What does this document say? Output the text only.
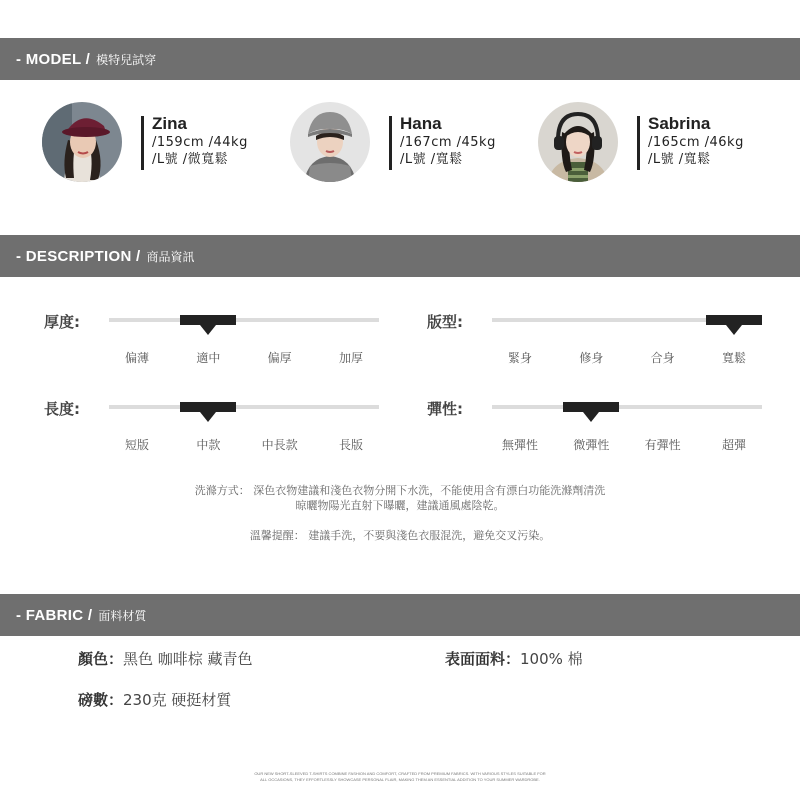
- MODEL / 模特兒試穿
- DESCRIPTION / 商品資訊
- FABRIC / 面料材質
Zina
/159cm /44kg
/L號 /微寬鬆
Hana
/167cm /45kg
/L號 /寬鬆
Sabrina
/165cm /46kg
/L號 /寬鬆
厚度:
偏薄	適中	偏厚	加厚
版型:
緊身	修身	合身	寬鬆
長度:
短版	中款	中長款	長版
彈性:
無彈性	微彈性	有彈性	超彈
洗滌方式： 深色衣物建議和淺色衣物分開下水洗，不能使用含有漂白功能洗滌劑清洗
晾曬物陽光直射下曝曬，建議通風處陰乾。
溫馨提醒： 建議手洗，不要與淺色衣服混洗，避免交叉污染。
顏色：黑色 咖啡棕 藏青色	表面面料：100% 棉
磅數：230克 硬挺材質
OUR NEW SHORT-SLEEVED T-SHIRTS COMBINE FASHION AND COMFORT, CRAFTED FROM PREMIUM FABRICS. WITH VARIOUS STYLES SUITABLE FOR
ALL OCCASIONS, THEY EFFORTLESSLY SHOWCASE PERSONAL FLAIR, MAKING THEM AN ESSENTIAL ADDITION TO YOUR SUMMER WARDROBE.
